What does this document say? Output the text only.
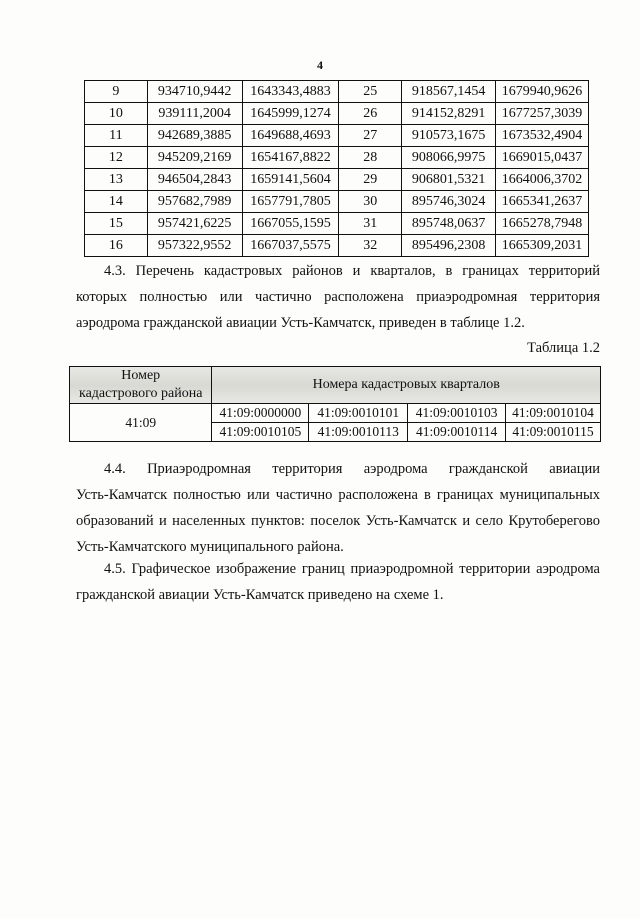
4
9	934710,9442	1643343,4883	25	918567,1454	1679940,9626
10	939111,2004	1645999,1274	26	914152,8291	1677257,3039
11	942689,3885	1649688,4693	27	910573,1675	1673532,4904
12	945209,2169	1654167,8822	28	908066,9975	1669015,0437
13	946504,2843	1659141,5604	29	906801,5321	1664006,3702
14	957682,7989	1657791,7805	30	895746,3024	1665341,2637
15	957421,6225	1667055,1595	31	895748,0637	1665278,7948
16	957322,9552	1667037,5575	32	895496,2308	1665309,2031

4.3. Перечень кадастровых районов и кварталов, в границах территорий
которых полностью или частично расположена приаэродромная территория
аэродрома гражданской авиации Усть-Камчатск, приведен в таблице 1.2.

Таблица 1.2
Номер
кадастрового района	Номера кадастровых кварталов			
41:09	41:09:0000000	41:09:0010101	41:09:0010103	41:09:0010104
	41:09:0010105	41:09:0010113	41:09:0010114	41:09:0010115

4.4. Приаэродромная территория аэродрома гражданской авиации
Усть-Камчатск полностью или частично расположена в границах муниципальных
образований и населенных пунктов: поселок Усть-Камчатск и село Крутоберегово
Усть-Камчатского муниципального района.

4.5. Графическое изображение границ приаэродромной территории аэродрома
гражданской авиации Усть-Камчатск приведено на схеме 1.
